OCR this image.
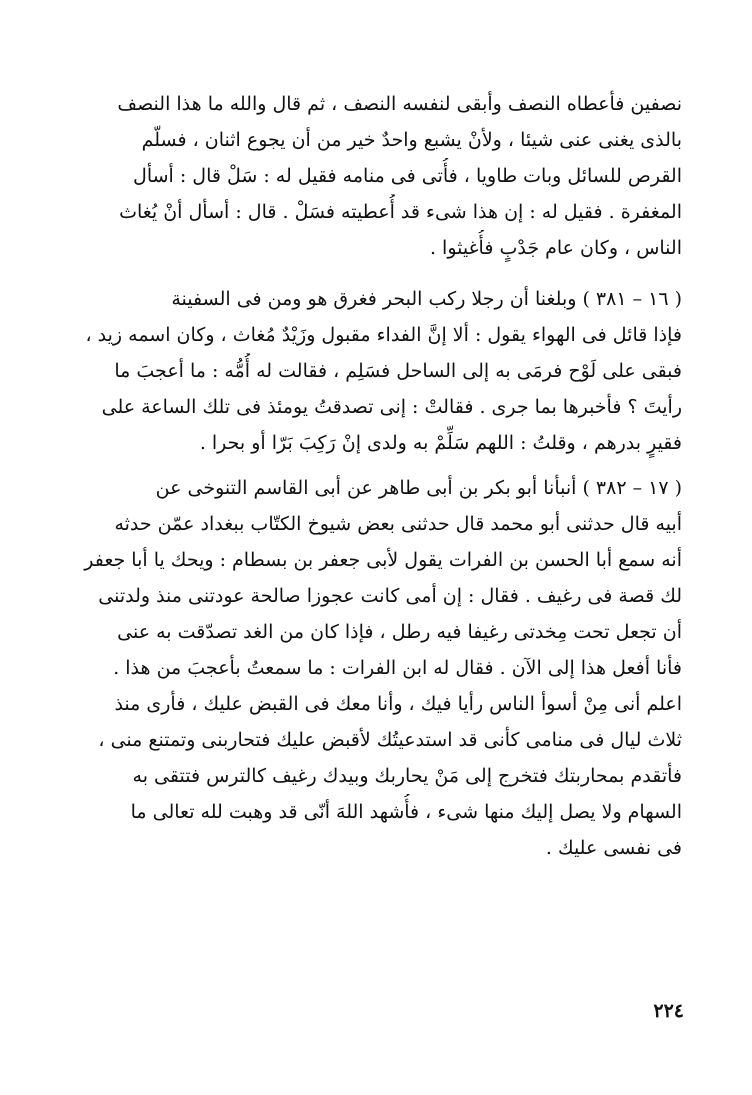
نصفين فأعطاه النصف وأبقى لنفسه النصف ، ثم قال والله ما هذا النصف
بالذى يغنى عنى شيئا ، ولأنْ يشبع واحدٌ خير من أن يجوع اثنان ، فسلّم
القرص للسائل وبات طاويا ، فأُتى فى منامه فقيل له : سَلْ قال : أسأل
المغفرة . فقيل له : إن هذا شىء قد أُعطيته فسَلْ . قال : أسأل أنْ يُغاث
الناس ، وكان عام جَدْبٍ فأُغيثوا .
( ١٦ – ٣٨١ ) وبلغنا أن رجلا ركب البحر فغرق هو ومن فى السفينة
فإذا قائل فى الهواء يقول : ألا إنَّ الفداء مقبول وزَيْدٌ مُغاث ، وكان اسمه زيد ،
فبقى على لَوْح فرمَى به إلى الساحل فسَلِم ، فقالت له أُمُّه : ما أعجبَ ما
رأيتَ ؟ فأخبرها بما جرى . فقالتْ : إنى تصدقتُ يومئذ فى تلك الساعة على
فقيرٍ بدرهم ، وقلتُ : اللهم سَلِّمْ به ولدى إنْ رَكِبَ بَرّا أو بحرا .
( ١٧ – ٣٨٢ ) أنبأنا أبو بكر بن أبى طاهر عن أبى القاسم التنوخى عن
أبيه قال حدثنى أبو محمد قال حدثنى بعض شيوخ الكتّاب ببغداد عمّن حدثه
أنه سمع أبا الحسن بن الفرات يقول لأبى جعفر بن بسطام : ويحك يا أبا جعفر
لك قصة فى رغيف . فقال : إن أمى كانت عجوزا صالحة عودتنى منذ ولدتنى
أن تجعل تحت مِخدتى رغيفا فيه رطل ، فإذا كان من الغد تصدّقت به عنى
فأنا أفعل هذا إلى الآن . فقال له ابن الفرات : ما سمعتُ بأعجبَ من هذا .
اعلم أنى مِنْ أسوأ الناس رأيا فيك ، وأنا معك فى القبض عليك ، فأرى منذ
ثلاث ليال فى منامى كأنى قد استدعيتُك لأقبض عليك فتحاربنى وتمتنع منى ،
فأتقدم بمحاربتك فتخرج إلى مَنْ يحاربك وبيدك رغيف كالترس فتتقى به
السهام ولا يصل إليك منها شىء ، فأُشهد اللهَ أنّى قد وهبت لله تعالى ما
فى نفسى عليك .
٢٢٤
